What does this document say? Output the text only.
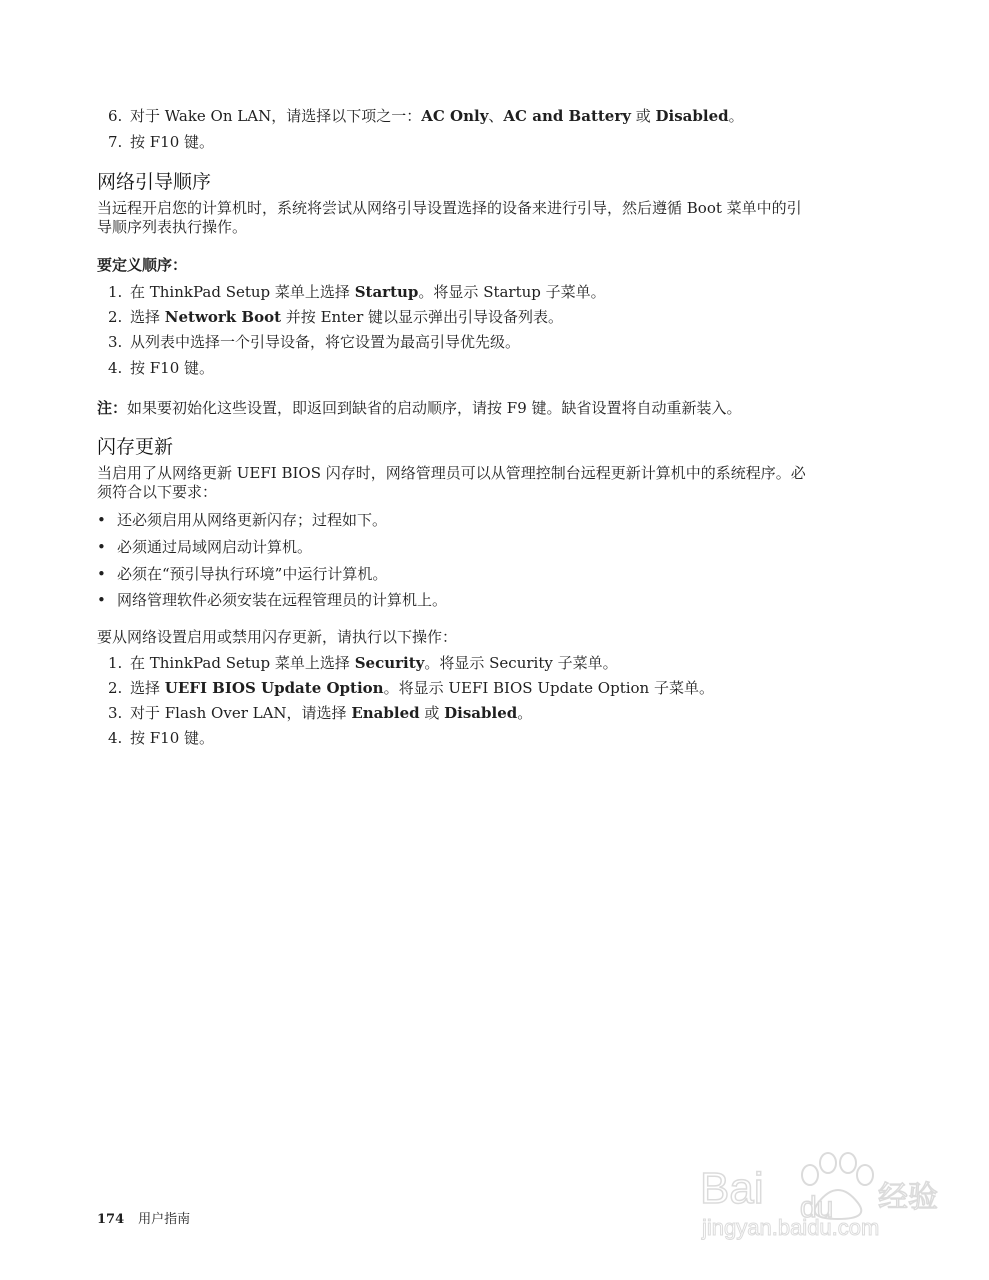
6. 对于 Wake On LAN，请选择以下项之一：AC Only、AC and Battery 或 Disabled。
7. 按 F10 键。
网络引导顺序
当远程开启您的计算机时，系统将尝试从网络引导设置选择的设备来进行引导，然后遵循 Boot 菜单中的引
导顺序列表执行操作。
要定义顺序：
1. 在 ThinkPad Setup 菜单上选择 Startup。将显示 Startup 子菜单。
2. 选择 Network Boot 并按 Enter 键以显示弹出引导设备列表。
3. 从列表中选择一个引导设备，将它设置为最高引导优先级。
4. 按 F10 键。
注：如果要初始化这些设置，即返回到缺省的启动顺序，请按 F9 键。缺省设置将自动重新装入。
闪存更新
当启用了从网络更新 UEFI BIOS 闪存时，网络管理员可以从管理控制台远程更新计算机中的系统程序。必
须符合以下要求：
• 还必须启用从网络更新闪存；过程如下。
• 必须通过局域网启动计算机。
• 必须在“预引导执行环境”中运行计算机。
• 网络管理软件必须安装在远程管理员的计算机上。
要从网络设置启用或禁用闪存更新，请执行以下操作：
1. 在 ThinkPad Setup 菜单上选择 Security。将显示 Security 子菜单。
2. 选择 UEFI BIOS Update Option。将显示 UEFI BIOS Update Option 子菜单。
3. 对于 Flash Over LAN，请选择 Enabled 或 Disabled。
4. 按 F10 键。
174 用户指南
Bai du 经验
jingyan.baidu.com
